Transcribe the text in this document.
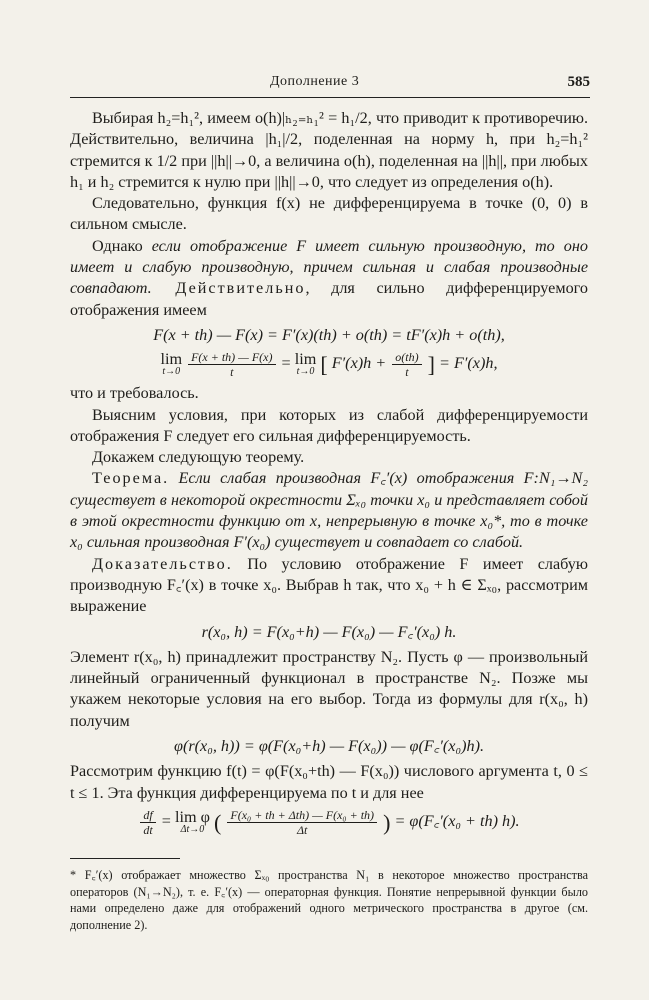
Дополнение 3	585

Выбирая h₂=h₁², имеем o(h)|ₕ₂₌ₕ₁² = h₁/2, что приводит к противоречию. Действительно, величина |h₁|/2, поделенная на норму h, при h₂=h₁² стремится к 1/2 при ||h||→0, а величина o(h), поделенная на ||h||, при любых h₁ и h₂ стремится к нулю при ||h||→0, что следует из определения o(h).

Следовательно, функция f(x) не дифференцируема в точке (0, 0) в сильном смысле.

Однако если отображение F имеет сильную производную, то оно имеет и слабую производную, причем сильная и слабая производные совпадают. Действительно, для сильно дифференцируемого отображения имеем

F(x + th) — F(x) = F′(x)(th) + o(th) = tF′(x)h + o(th),
lim
t→0
$\frac{F(x + th) — F(x)}{t} = \lim$
t→0 [ $F'(x)h + \frac{o(th)}{t}$ ] = F′(x)h,

что и требовалось.

Выясним условия, при которых из слабой дифференцируемости отображения F следует его сильная дифференцируемость.

Докажем следующую теорему.

Теорема. Если слабая производная F꜀′(x) отображения F:N₁→N₂ существует в некоторой окрестности Σₓ₀ точки x₀ и представляет собой в этой окрестности функцию от x, непрерывную в точке x₀*, то в точке x₀ сильная производная F′(x₀) существует и совпадает со слабой.

Доказательство. По условию отображение F имеет слабую производную F꜀′(x) в точке x₀. Выбрав h так, что x₀ + h ∈ Σₓ₀, рассмотрим выражение

r(x₀, h) = F(x₀+h) — F(x₀) — F꜀′(x₀) h.

Элемент r(x₀, h) принадлежит пространству N₂. Пусть φ — произвольный линейный ограниченный функционал в пространстве N₂. Позже мы укажем некоторые условия на его выбор. Тогда из формулы для r(x₀, h) получим

φ(r(x₀, h)) = φ(F(x₀+h) — F(x₀)) — φ(F꜀′(x₀)h).

Рассмотрим функцию f(t) = φ(F(x₀+th) — F(x₀)) числового аргумента t, 0 ≤ t ≤ 1. Эта функция дифференцируема по t и для нее

$\frac{df}{dt} = \lim \varphi$
Δt→0 ( $\frac{\text{F(x₀ + th + Δth) — F(x₀ + th)}}{\Delta t}$ ) = φ(F꜀′(x₀ + th) h).

* F꜀′(x) отображает множество Σₓ₀ пространства N₁ в некоторое множество пространства операторов (N₁→N₂), т. е. F꜀′(x) — операторная функция. Понятие непрерывной функции было нами определено даже для отображений одного метрического пространства в другое (см. дополнение 2).
